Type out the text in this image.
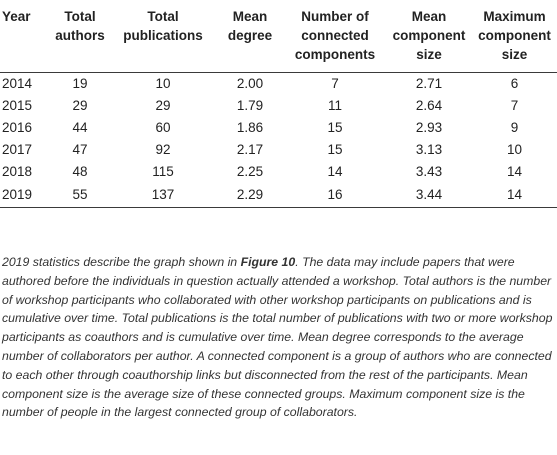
Year	Total authors	Total publications	Mean degree	Number of connected components	Mean component size	Maximum component size
2014	19	10	2.00	7	2.71	6
2015	29	29	1.79	11	2.64	7
2016	44	60	1.86	15	2.93	9
2017	47	92	2.17	15	3.13	10
2018	48	115	2.25	14	3.43	14
2019	55	137	2.29	16	3.44	14

2019 statistics describe the graph shown in Figure 10. The data may include papers that were authored before the individuals in question actually attended a workshop. Total authors is the number of workshop participants who collaborated with other workshop participants on publications and is cumulative over time. Total publications is the total number of publications with two or more workshop participants as coauthors and is cumulative over time. Mean degree corresponds to the average number of collaborators per author. A connected component is a group of authors who are connected to each other through coauthorship links but disconnected from the rest of the participants. Mean component size is the average size of these connected groups. Maximum component size is the number of people in the largest connected group of collaborators.
